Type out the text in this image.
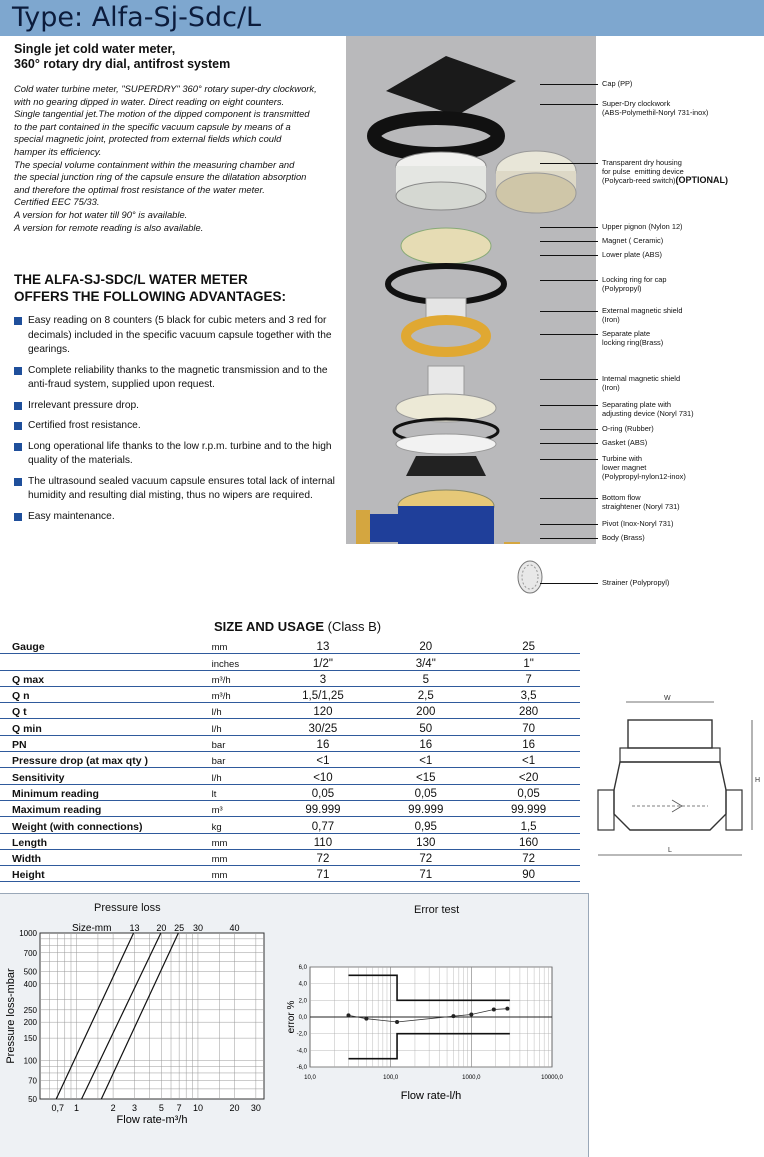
Type: Alfa-Sj-Sdc/L
Single jet cold water meter,
360° rotary dry dial, antifrost system

Cold water turbine meter, "SUPERDRY" 360° rotary super-dry clockwork,

with no gearing dipped in water. Direct reading on eight counters.

Single tangential jet.The motion of the dipped component is transmitted

to the part contained in the specific vacuum capsule by means of a

special magnetic joint, protected from external fields which could

hamper its efficiency.

The special volume containment within the measuring chamber and

the special junction ring of the capsule ensure the dilatation absorption

and therefore the optimal frost resistance of the water meter.

Certified EEC 75/33.

A version for hot water till 90° is available.

A version for remote reading is also available.

THE ALFA-SJ-SDC/L WATER METER
OFFERS THE FOLLOWING ADVANTAGES:
Easy reading on 8 counters (5 black for cubic meters and 3 red for decimals) included in the specific vacuum capsule together with the gearings.
Complete reliability thanks to the magnetic transmission and to the anti-fraud system, supplied upon request.
Irrelevant pressure drop.
Certified frost resistance.
Long operational life thanks to the low r.p.m. turbine and to the high quality of the materials.
The ultrasound sealed vacuum capsule ensures total lack of internal humidity and resulting dial misting, thus no wipers are required.
Easy maintenance.
Cap (PP)
Super-Dry clockwork
(ABS-Polymethil-Noryl 731-inox)
Transparent dry housing
for pulse  emitting device
(Polycarb-reed switch)(OPTIONAL)
Upper pignon (Nylon 12)
Magnet ( Ceramic)
Lower plate (ABS)
Locking ring for cap
(Polypropyl)
External magnetic shield
(Iron)
Separate plate
locking ring(Brass)
Internal magnetic shield
(Iron)
Separating plate with
adjusting device (Noryl 731)
O-ring (Rubber)
Gasket (ABS)
Turbine with
lower magnet
(Polypropyl-nylon12-inox)
Bottom flow
straightener (Noryl 731)
Pivot (Inox-Noryl 731)
Body (Brass)
Strainer (Polypropyl)
SIZE AND USAGE (Class B)
Gauge	mm	13	20	25
	inches	1/2"	3/4"	1"
Q max	m³/h	3	5	7
Q n	m³/h	1,5/1,25	2,5	3,5
Q t	l/h	120	200	280
Q min	l/h	30/25	50	70
PN	bar	16	16	16
Pressure drop (at max qty )	bar	<1	<1	<1
Sensitivity	l/h	<10	<15	<20
Minimum reading	lt	0,05	0,05	0,05
Maximum reading	m³	99.999	99.999	99.999
Weight (with connections)	kg	0,77	0,95	1,5
Length	mm	110	130	160
Width	mm	72	72	72
Height	mm	71	71	90
W
H
L
Pressure loss	Error test
0,7 1	2 3 5 7 10	20 30
50
70
100
150
200
250
400
500
700
1000	Size-mm 13 20 25 30	40
Flow rate-m³/h
Pressure loss-mbar
10,0	100,0	1000,0	10000,0
6,0
4,0
2,0
0,0
-2,0
-4,0
-6,0
Flow rate-l/h
error %
